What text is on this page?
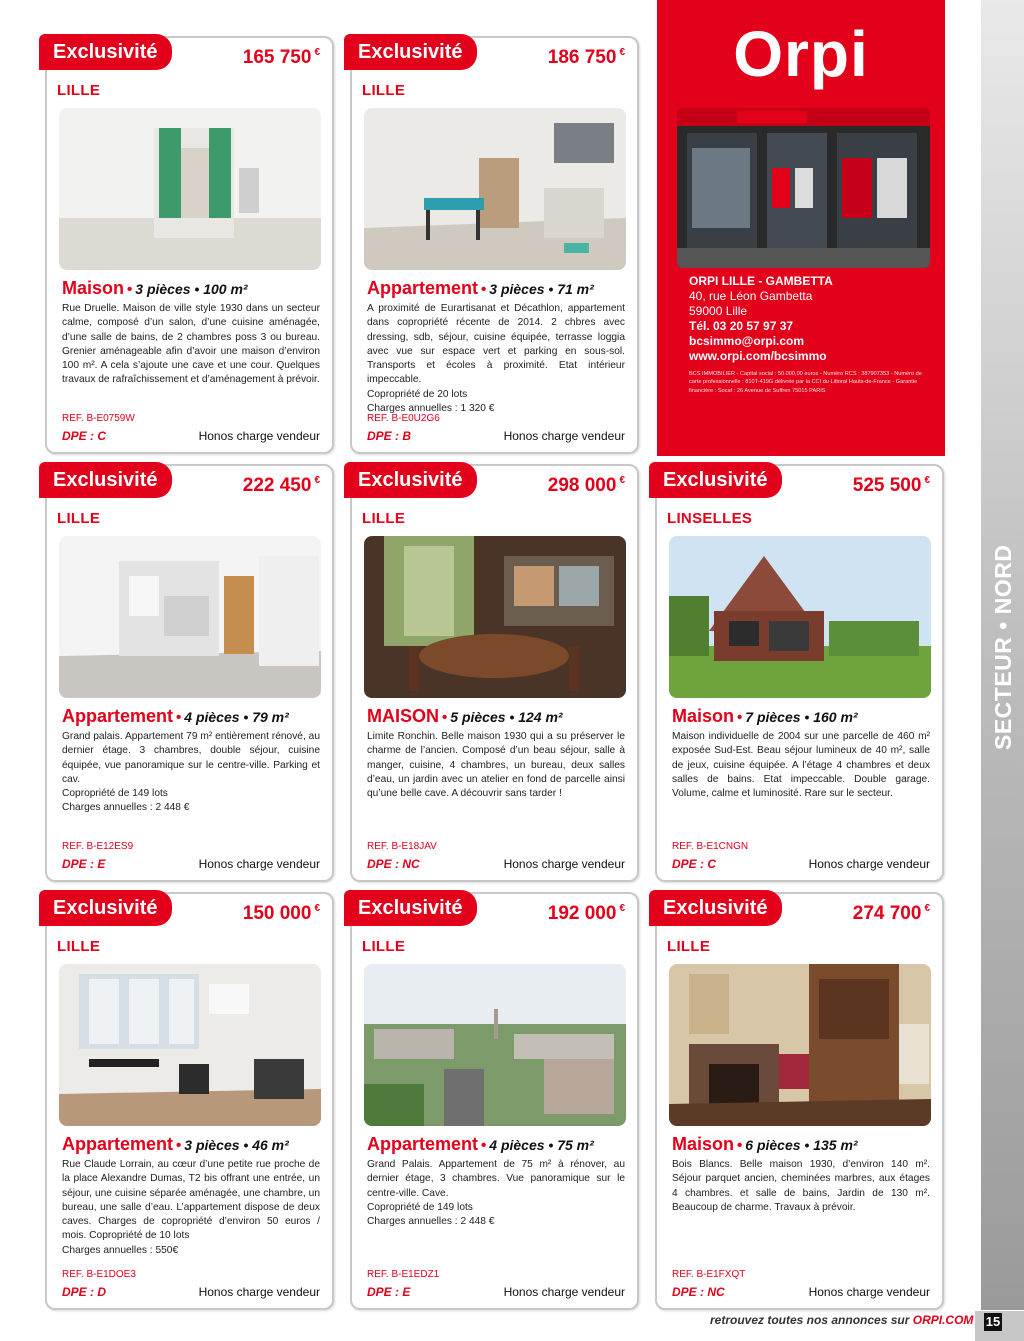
SECTEUR • NORD
Orpi
ORPI LILLE - GAMBETTA
40, rue Léon Gambetta
59000 Lille
Tél. 03 20 57 97 37
bcsimmo@orpi.com
www.orpi.com/bcsimmo
BCS IMMOBILIER - Capital social : 50.000,00 euros - Numéro RCS : 387907353 - Numéro de carte professionnelle : 810T-419G délivrée par la CCI du Littoral Hauts-de-France - Garantie financière : Socaf : 26 Avenue de Suffren 75015 PARIS
Exclusivité	165 750 €
LILLE
Maison • 3 pièces • 100 m²

Rue Druelle. Maison de ville style 1930 dans un secteur calme, composé d’un salon, d’une cuisine aménagée, d’une salle de bains, de 2 chambres poss 3 ou bureau. Grenier aménageable afin d’avoir une maison d’environ 100 m². A cela s’ajoute une cave et une cour. Quelques travaux de rafraîchissement et d’aménagement à prévoir.

REF. B-E0759W
DPE : C	Honos charge vendeur
Exclusivité	186 750 €
LILLE
Appartement • 3 pièces • 71 m²

A proximité de Eurartisanat et Décathlon, appartement dans copropriété récente de 2014. 2 chbres avec dressing, sdb, séjour, cuisine équipée, terrasse loggia avec vue sur espace vert et parking en sous-sol. Transports et écoles à proximité. Etat intérieur impeccable.

Copropriété de 20 lots

Charges annuelles : 1 320 €

REF. B-E0U2G6
DPE : B	Honos charge vendeur
Exclusivité	222 450 €
LILLE
Appartement • 4 pièces • 79 m²

Grand palais. Appartement 79 m² entièrement rénové, au dernier étage. 3 chambres, double séjour, cuisine équipée, vue panoramique sur le centre-ville. Parking et cav.

Copropriété de 149 lots

Charges annuelles : 2 448 €

REF. B-E12ES9
DPE : E	Honos charge vendeur
Exclusivité	298 000 €
LILLE
MAISON • 5 pièces • 124 m²

Limite Ronchin. Belle maison 1930 qui a su préserver le charme de l’ancien. Composé d’un beau séjour, salle à manger, cuisine, 4 chambres, un bureau, deux salles d’eau, un jardin avec un atelier en fond de parcelle ainsi qu’une belle cave. A découvrir sans tarder !

REF. B-E18JAV
DPE : NC	Honos charge vendeur
Exclusivité	525 500 €
LINSELLES
Maison • 7 pièces • 160 m²

Maison individuelle de 2004 sur une parcelle de 460 m² exposée Sud-Est. Beau séjour lumineux de 40 m², salle de jeux, cuisine équipée. A l’étage 4 chambres et deux salles de bains. Etat impeccable. Double garage. Volume, calme et luminosité. Rare sur le secteur.

REF. B-E1CNGN
DPE : C	Honos charge vendeur
Exclusivité	150 000 €
LILLE
Appartement • 3 pièces • 46 m²

Rue Claude Lorrain, au cœur d’une petite rue proche de la place Alexandre Dumas, T2 bis offrant une entrée, un séjour, une cuisine séparée aménagée, une chambre, un bureau, une salle d’eau. L’appartement dispose de deux caves. Charges de copropriété d’environ 50 euros / mois. Copropriété de 10 lots

Charges annuelles : 550€

REF. B-E1DOE3
DPE : D	Honos charge vendeur
Exclusivité	192 000 €
LILLE
Appartement • 4 pièces • 75 m²

Grand Palais. Appartement de 75 m² à rénover, au dernier étage, 3 chambres. Vue panoramique sur le centre-ville. Cave.

Copropriété de 149 lots

Charges annuelles : 2 448 €

REF. B-E1EDZ1
DPE : E	Honos charge vendeur
Exclusivité	274 700 €
LILLE
Maison • 6 pièces • 135 m²

Bois Blancs. Belle maison 1930, d’environ 140 m². Séjour parquet ancien, cheminées marbres, aux étages 4 chambres. et salle de bains, Jardin de 130 m². Beaucoup de charme. Travaux à prévoir.

REF. B-E1FXQT
DPE : NC	Honos charge vendeur
retrouvez toutes nos annonces sur ORPI.COM 15
